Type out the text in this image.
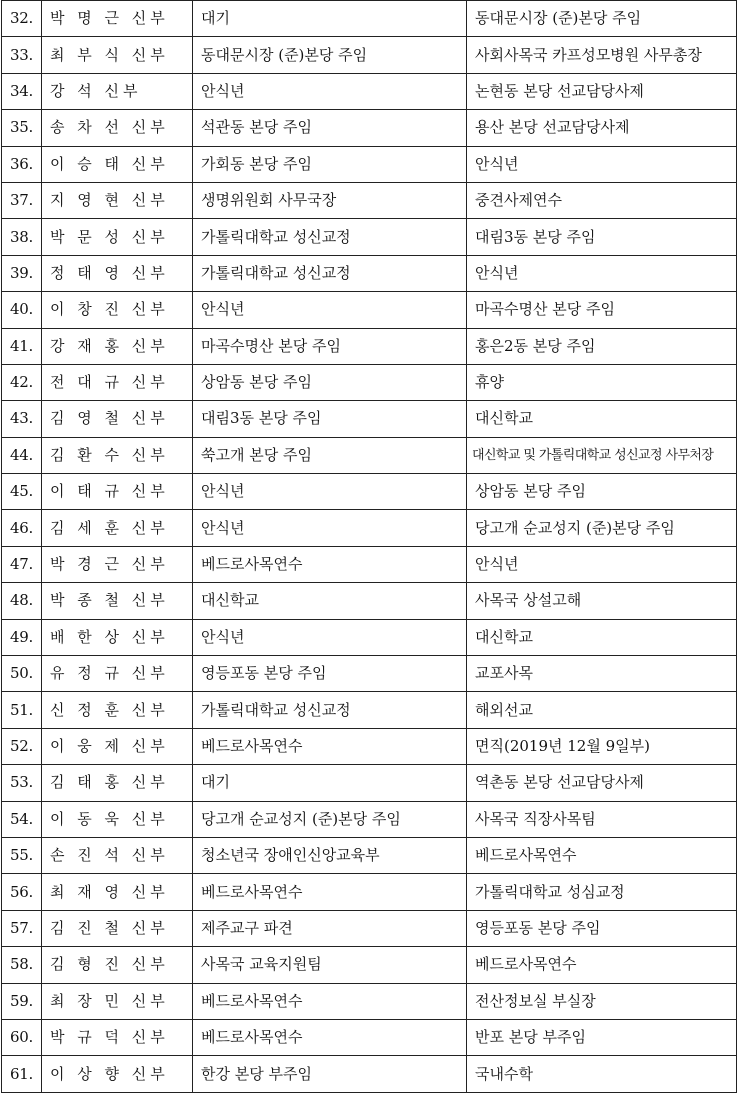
32.	박 명 근 신부	대기	동대문시장 (준)본당 주임
33.	최 부 식 신부	동대문시장 (준)본당 주임	사회사목국 카프성모병원 사무총장
34.	강 석 신부	안식년	논현동 본당 선교담당사제
35.	송 차 선 신부	석관동 본당 주임	용산 본당 선교담당사제
36.	이 승 태 신부	가회동 본당 주임	안식년
37.	지 영 현 신부	생명위원회 사무국장	중견사제연수
38.	박 문 성 신부	가톨릭대학교 성신교정	대림3동 본당 주임
39.	정 태 영 신부	가톨릭대학교 성신교정	안식년
40.	이 창 진 신부	안식년	마곡수명산 본당 주임
41.	강 재 홍 신부	마곡수명산 본당 주임	홍은2동 본당 주임
42.	전 대 규 신부	상암동 본당 주임	휴양
43.	김 영 철 신부	대림3동 본당 주임	대신학교
44.	김 환 수 신부	쑥고개 본당 주임	대신학교 및 가톨릭대학교 성신교정 사무처장
45.	이 태 규 신부	안식년	상암동 본당 주임
46.	김 세 훈 신부	안식년	당고개 순교성지 (준)본당 주임
47.	박 경 근 신부	베드로사목연수	안식년
48.	박 종 철 신부	대신학교	사목국 상설고해
49.	배 한 상 신부	안식년	대신학교
50.	유 정 규 신부	영등포동 본당 주임	교포사목
51.	신 정 훈 신부	가톨릭대학교 성신교정	해외선교
52.	이 웅 제 신부	베드로사목연수	면직(2019년 12월 9일부)
53.	김 태 홍 신부	대기	역촌동 본당 선교담당사제
54.	이 동 욱 신부	당고개 순교성지 (준)본당 주임	사목국 직장사목팀
55.	손 진 석 신부	청소년국 장애인신앙교육부	베드로사목연수
56.	최 재 영 신부	베드로사목연수	가톨릭대학교 성심교정
57.	김 진 철 신부	제주교구 파견	영등포동 본당 주임
58.	김 형 진 신부	사목국 교육지원팀	베드로사목연수
59.	최 장 민 신부	베드로사목연수	전산정보실 부실장
60.	박 규 덕 신부	베드로사목연수	반포 본당 부주임
61.	이 상 향 신부	한강 본당 부주임	국내수학
